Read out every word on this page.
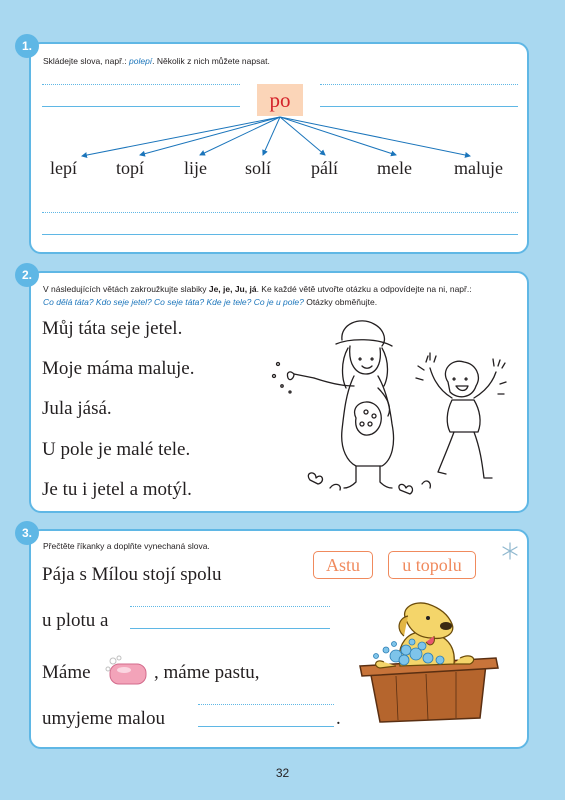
1.
Skládejte slova, např.: polepí. Několik z nich můžete napsat.
po
lepí topí lije solí pálí mele maluje
2.
V následujících větách zakroužkujte slabiky Je, je, Ju, já. Ke každé větě utvořte otázku a odpovídejte na ni, např.:
Co dělá táta? Kdo seje jetel? Co seje táta? Kde je tele? Co je u pole? Otázky obměňujte.
Můj táta seje jetel.
Moje máma maluje.
Jula jásá.
U pole je malé tele.
Je tu i jetel a motýl.
3.
Přečtěte říkanky a doplňte vynechaná slova.
Astu	u topolu
Pája s Mílou stojí spolu
u plotu a
Máme	, máme pastu,
umyjeme malou	.
32
